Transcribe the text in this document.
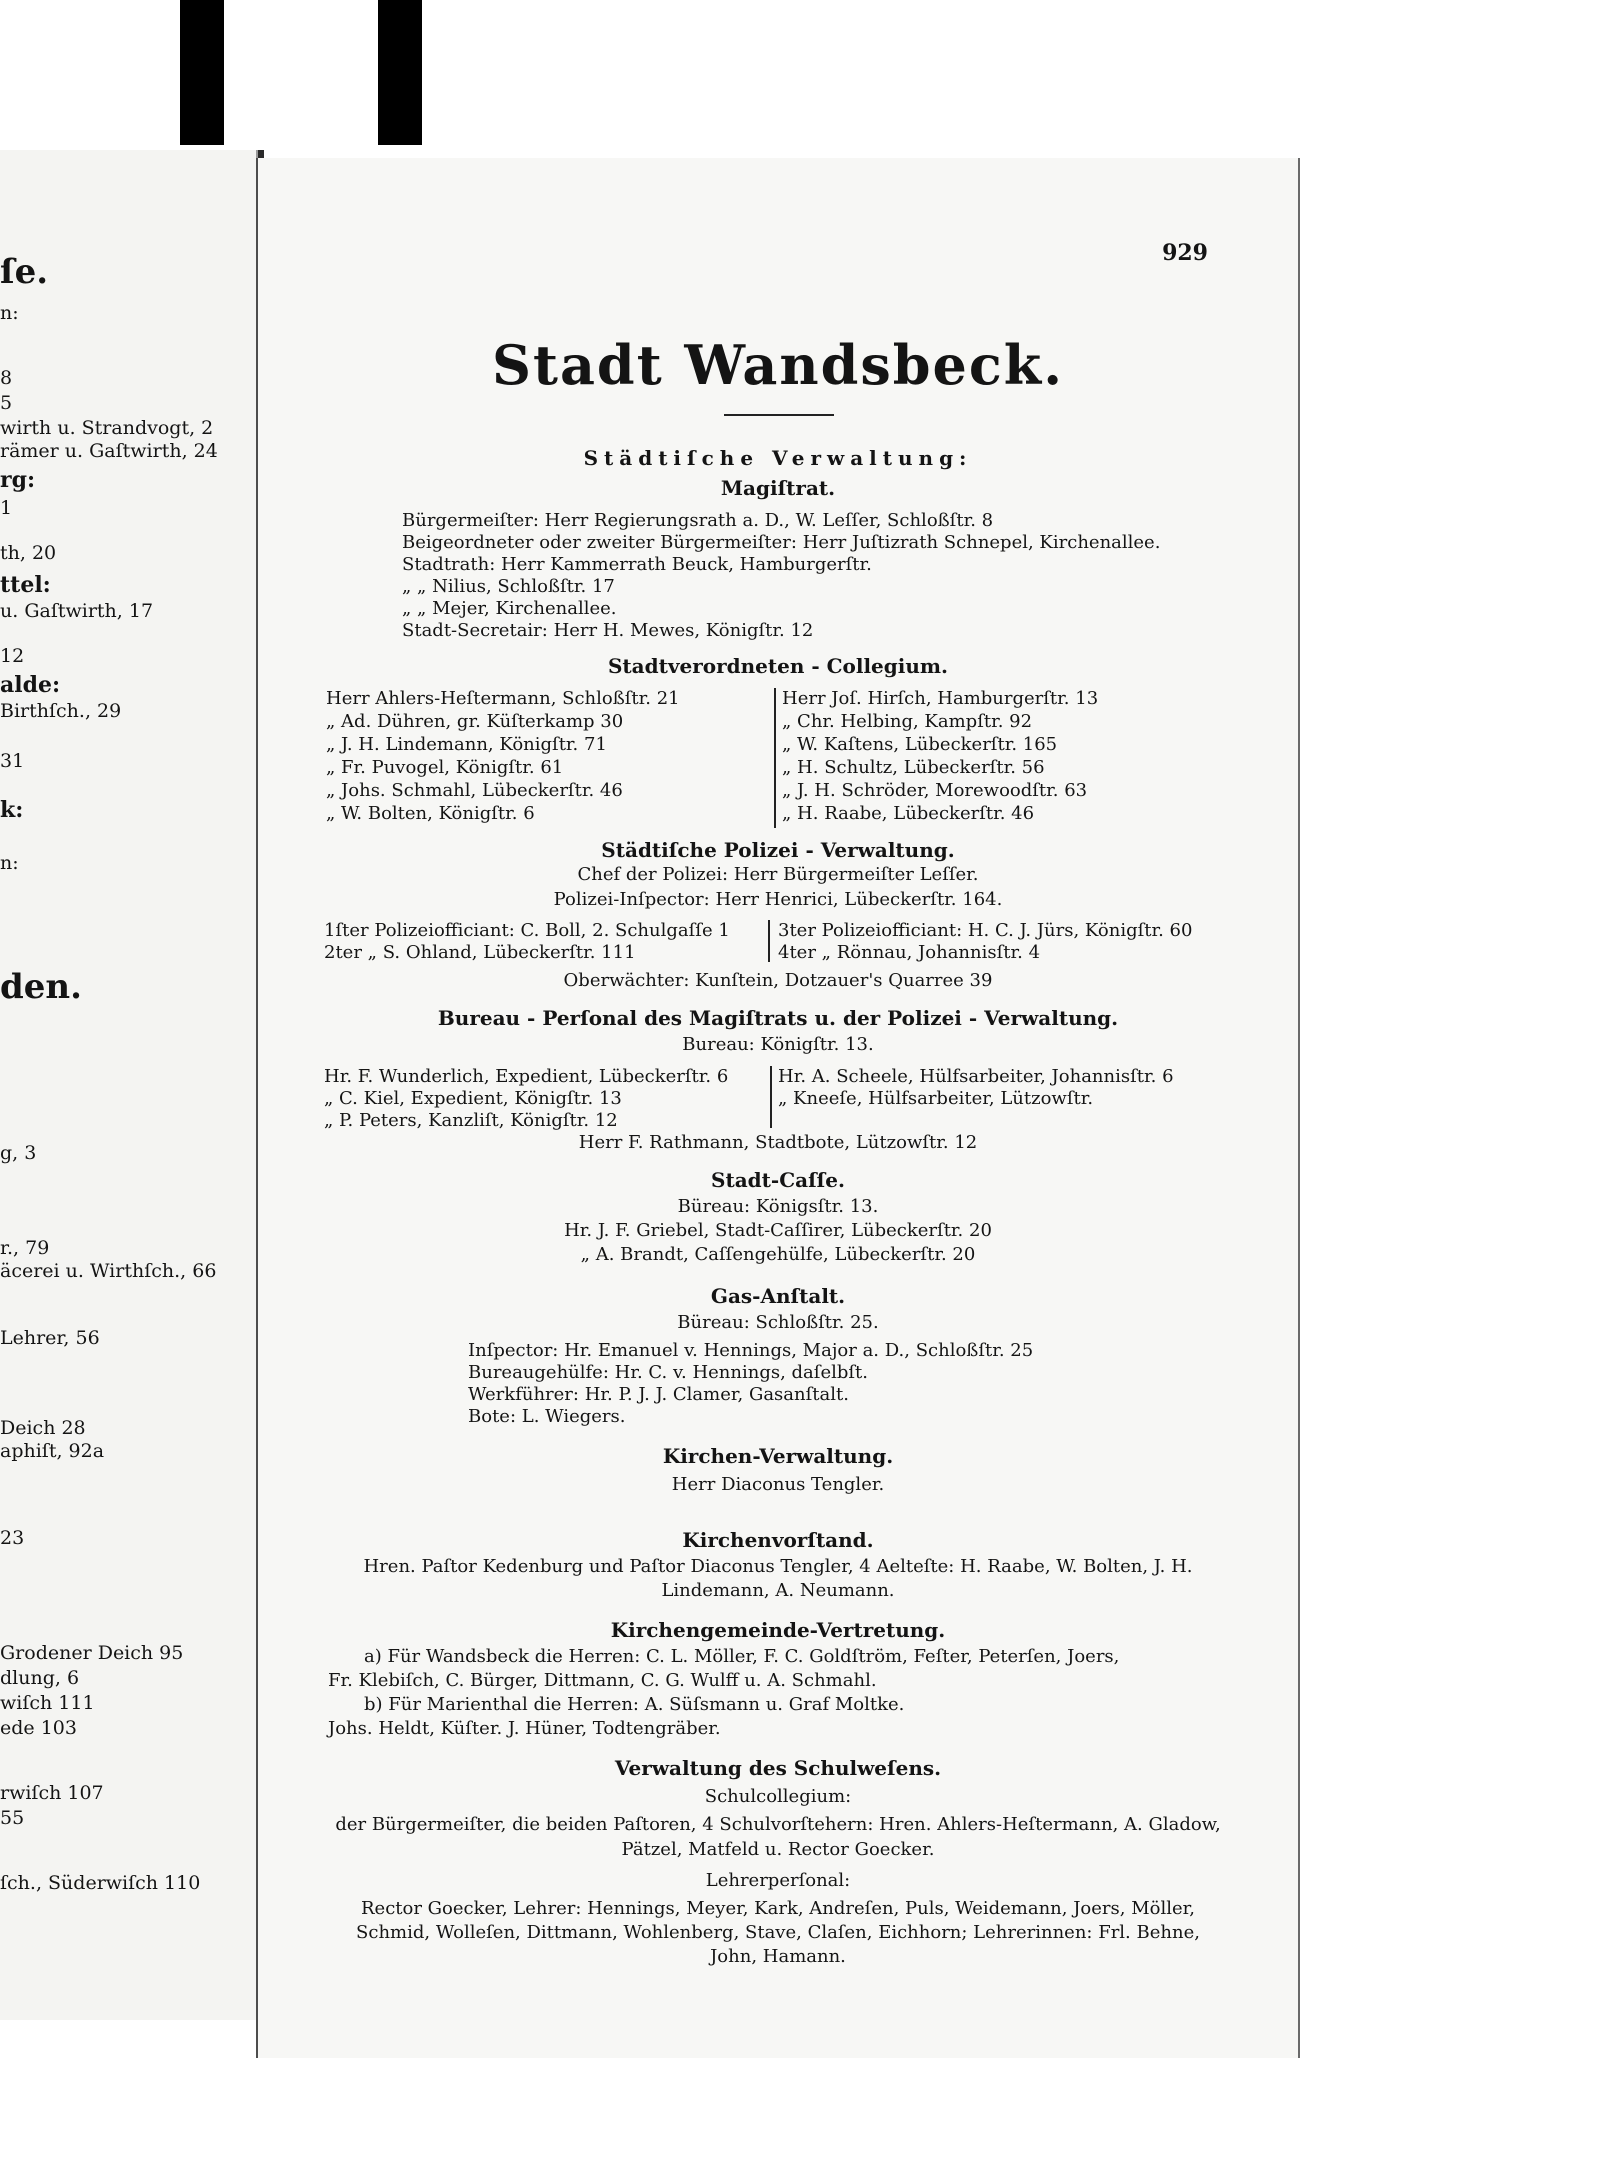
ſe.
n:
8
5
wirth u. Strandvogt, 2
rämer u. Gaſtwirth, 24
rg:
1
th, 20
ttel:
u. Gaſtwirth, 17
12
alde:
Birthſch., 29
31
k:
n:
den.
g, 3
r., 79
äcerei u. Wirthſch., 66
Lehrer, 56
Deich 28
aphiſt, 92a
23
Grodener Deich 95
dlung, 6
wiſch 111
ede 103
rwiſch 107
55
ſch., Süderwiſch 110
929
Stadt Wandsbeck.
Städtiſche Verwaltung:
Magiſtrat.
Bürgermeiſter: Herr Regierungsrath a. D., W. Leſſer, Schloßſtr. 8
Beigeordneter oder zweiter Bürgermeiſter: Herr Juſtizrath Schnepel, Kirchenallee.
Stadtrath: Herr Kammerrath Beuck, Hamburgerſtr.
„ „ Nilius, Schloßſtr. 17
„ „ Mejer, Kirchenallee.
Stadt-Secretair: Herr H. Mewes, Königſtr. 12
Stadtverordneten - Collegium.
Herr Ahlers-Heſtermann, Schloßſtr. 21
„ Ad. Dühren, gr. Küſterkamp 30
„ J. H. Lindemann, Königſtr. 71
„ Fr. Puvogel, Königſtr. 61
„ Johs. Schmahl, Lübeckerſtr. 46
„ W. Bolten, Königſtr. 6
Herr Joſ. Hirſch, Hamburgerſtr. 13
„ Chr. Helbing, Kampſtr. 92
„ W. Kaſtens, Lübeckerſtr. 165
„ H. Schultz, Lübeckerſtr. 56
„ J. H. Schröder, Morewoodſtr. 63
„ H. Raabe, Lübeckerſtr. 46
Städtiſche Polizei - Verwaltung.
Chef der Polizei: Herr Bürgermeiſter Leſſer.
Polizei-Inſpector: Herr Henrici, Lübeckerſtr. 164.
1ſter Polizeiofficiant: C. Boll, 2. Schulgaſſe 1
2ter „ S. Ohland, Lübeckerſtr. 111
3ter Polizeiofficiant: H. C. J. Jürs, Königſtr. 60
4ter „ Rönnau, Johannisſtr. 4
Oberwächter: Kunſtein, Dotzauer's Quarree 39
Bureau - Perſonal des Magiſtrats u. der Polizei - Verwaltung.
Bureau: Königſtr. 13.
Hr. F. Wunderlich, Expedient, Lübeckerſtr. 6
„ C. Kiel, Expedient, Königſtr. 13
„ P. Peters, Kanzliſt, Königſtr. 12
Hr. A. Scheele, Hülfsarbeiter, Johannisſtr. 6
„ Kneeſe, Hülfsarbeiter, Lützowſtr.
Herr F. Rathmann, Stadtbote, Lützowſtr. 12
Stadt-Caſſe.
Büreau: Königsſtr. 13.
Hr. J. F. Griebel, Stadt-Caſſirer, Lübeckerſtr. 20
„ A. Brandt, Caſſengehülfe, Lübeckerſtr. 20
Gas-Anſtalt.
Büreau: Schloßſtr. 25.
Inſpector: Hr. Emanuel v. Hennings, Major a. D., Schloßſtr. 25
Bureaugehülfe: Hr. C. v. Hennings, daſelbſt.
Werkführer: Hr. P. J. J. Clamer, Gasanſtalt.
Bote: L. Wiegers.
Kirchen-Verwaltung.
Herr Diaconus Tengler.
Kirchenvorſtand.
Hren. Paſtor Kedenburg und Paſtor Diaconus Tengler, 4 Aelteſte: H. Raabe, W. Bolten, J. H.
Lindemann, A. Neumann.
Kirchengemeinde-Vertretung.
a) Für Wandsbeck die Herren: C. L. Möller, F. C. Goldſtröm, Feſter, Peterſen, Joers,
Fr. Klebiſch, C. Bürger, Dittmann, C. G. Wulff u. A. Schmahl.
b) Für Marienthal die Herren: A. Süſsmann u. Graf Moltke.
Johs. Heldt, Küſter. J. Hüner, Todtengräber.
Verwaltung des Schulweſens.
Schulcollegium:
der Bürgermeiſter, die beiden Paſtoren, 4 Schulvorſtehern: Hren. Ahlers-Heſtermann, A. Gladow,
Pätzel, Matfeld u. Rector Goecker.
Lehrerperſonal:
Rector Goecker, Lehrer: Hennings, Meyer, Kark, Andreſen, Puls, Weidemann, Joers, Möller,
Schmid, Wolleſen, Dittmann, Wohlenberg, Stave, Claſen, Eichhorn; Lehrerinnen: Frl. Behne,
John, Hamann.
